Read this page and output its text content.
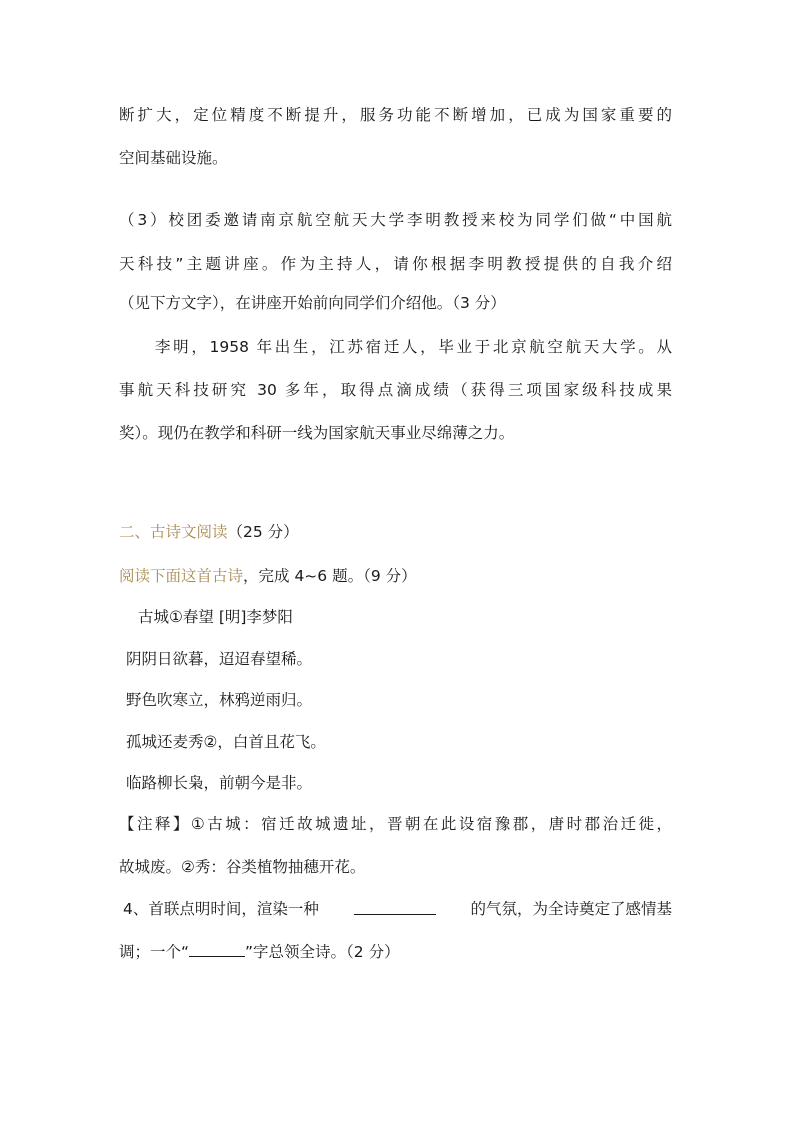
断扩大，定位精度不断提升，服务功能不断增加，已成为国家重要的
空间基础设施。
（3）校团委邀请南京航空航天大学李明教授来校为同学们做“中国航
天科技”主题讲座。作为主持人，请你根据李明教授提供的自我介绍
（见下方文字），在讲座开始前向同学们介绍他。（3 分）
李明，1958 年出生，江苏宿迁人，毕业于北京航空航天大学。从
事航天科技研究 30 多年，取得点滴成绩（获得三项国家级科技成果
奖）。现仍在教学和科研一线为国家航天事业尽绵薄之力。
二、古诗文阅读（25 分）
阅读下面这首古诗，完成 4~6 题。（9 分）
古城①春望 [明]李梦阳
阴阴日欲暮，迢迢春望稀。
野色吹寒立，林鸦逆雨归。
孤城还麦秀②，白首且花飞。
临路柳长枭，前朝今是非。
【注释】①古城：宿迁故城遗址，晋朝在此设宿豫郡，唐时郡治迁徙，
故城废。②秀：谷类植物抽穗开花。
4、首联点明时间，渲染一种	的气氛，为全诗奠定了感情基
调；一个“	”字总领全诗。（2 分）
